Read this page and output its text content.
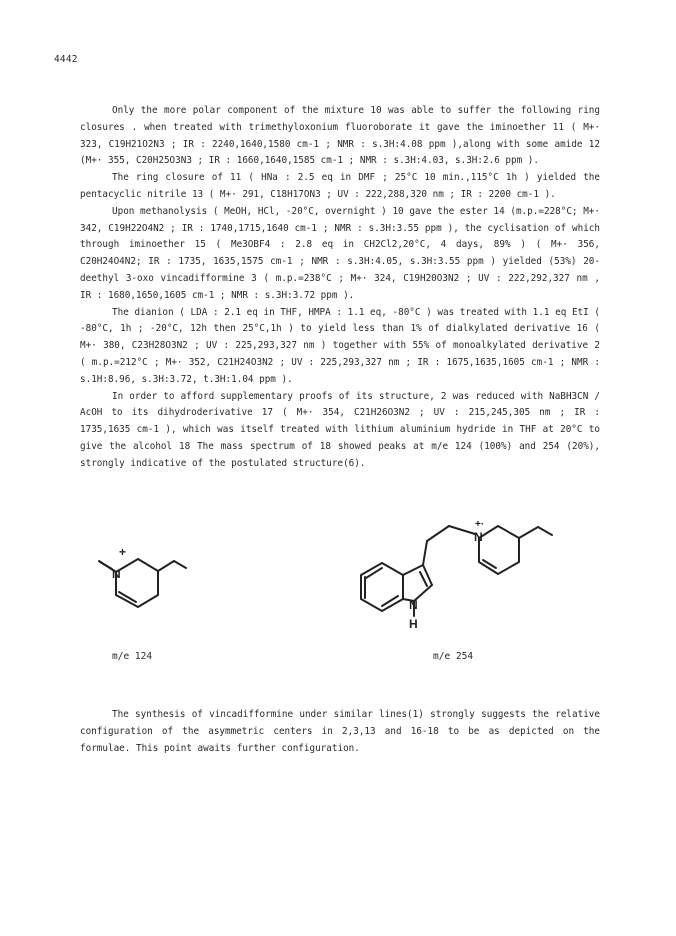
4442

Only the more polar component of the mixture 10 was able to suffer the following ring closures . when treated with trimethyloxonium fluoroborate it gave the iminoether 11 ( M+· 323, C19H21O2N3 ; IR : 2240,1640,1580 cm-1 ; NMR : s.3H:4.08 ppm ),along with some amide 12 (M+· 355, C20H25O3N3 ; IR : 1660,1640,1585 cm-1 ; NMR : s.3H:4.03, s.3H:2.6 ppm ).

The ring closure of 11 ( HNa : 2.5 eq in DMF ; 25°C 10 min.,115°C 1h ) yielded the pentacyclic nitrile 13 ( M+· 291, C18H17ON3 ; UV : 222,288,320 nm ; IR : 2200 cm-1 ).

Upon methanolysis ( MeOH, HCl, -20°C, overnight ) 10 gave the ester 14 (m.p.=228°C; M+· 342, C19H22O4N2 ; IR : 1740,1715,1640 cm-1 ; NMR : s.3H:3.55 ppm ), the cyclisation of which through iminoether 15 ( Me3OBF4 : 2.8 eq in CH2Cl2,20°C, 4 days, 89% ) ( M+· 356, C20H24O4N2; IR : 1735, 1635,1575 cm-1 ; NMR : s.3H:4.05, s.3H:3.55 ppm ) yielded (53%) 20-deethyl 3-oxo vincadifformine 3 ( m.p.=238°C ; M+· 324, C19H20O3N2 ; UV : 222,292,327 nm , IR : 1680,1650,1605 cm-1 ; NMR : s.3H:3.72 ppm ).

The dianion ( LDA : 2.1 eq in THF, HMPA : 1.1 eq, -80°C ) was treated with 1.1 eq EtI ( -80°C, 1h ; -20°C, 12h then 25°C,1h ) to yield less than 1% of dialkylated derivative 16 ( M+· 380, C23H28O3N2 ; UV : 225,293,327 nm ) together with 55% of monoalkylated derivative 2 ( m.p.=212°C ; M+· 352, C21H24O3N2 ; UV : 225,293,327 nm ; IR : 1675,1635,1605 cm-1 ; NMR : s.1H:8.96, s.3H:3.72, t.3H:1.04 ppm ).

In order to afford supplementary proofs of its structure, 2 was reduced with NaBH3CN / AcOH to its dihydroderivative 17 ( M+· 354, C21H26O3N2 ; UV : 215,245,305 nm ; IR : 1735,1635 cm-1 ), which was itself treated with lithium aluminium hydride in THF at 20°C to give the alcohol 18 The mass spectrum of 18 showed peaks at m/e 124 (100%) and 254 (20%), strongly indicative of the postulated structure(6).

N
+
N
+·
N
H
m/e 124	m/e 254

The synthesis of vincadifformine under similar lines(1) strongly suggests the relative configuration of the asymmetric centers in 2,3,13 and 16-18 to be as depicted on the formulae. This point awaits further configuration.
